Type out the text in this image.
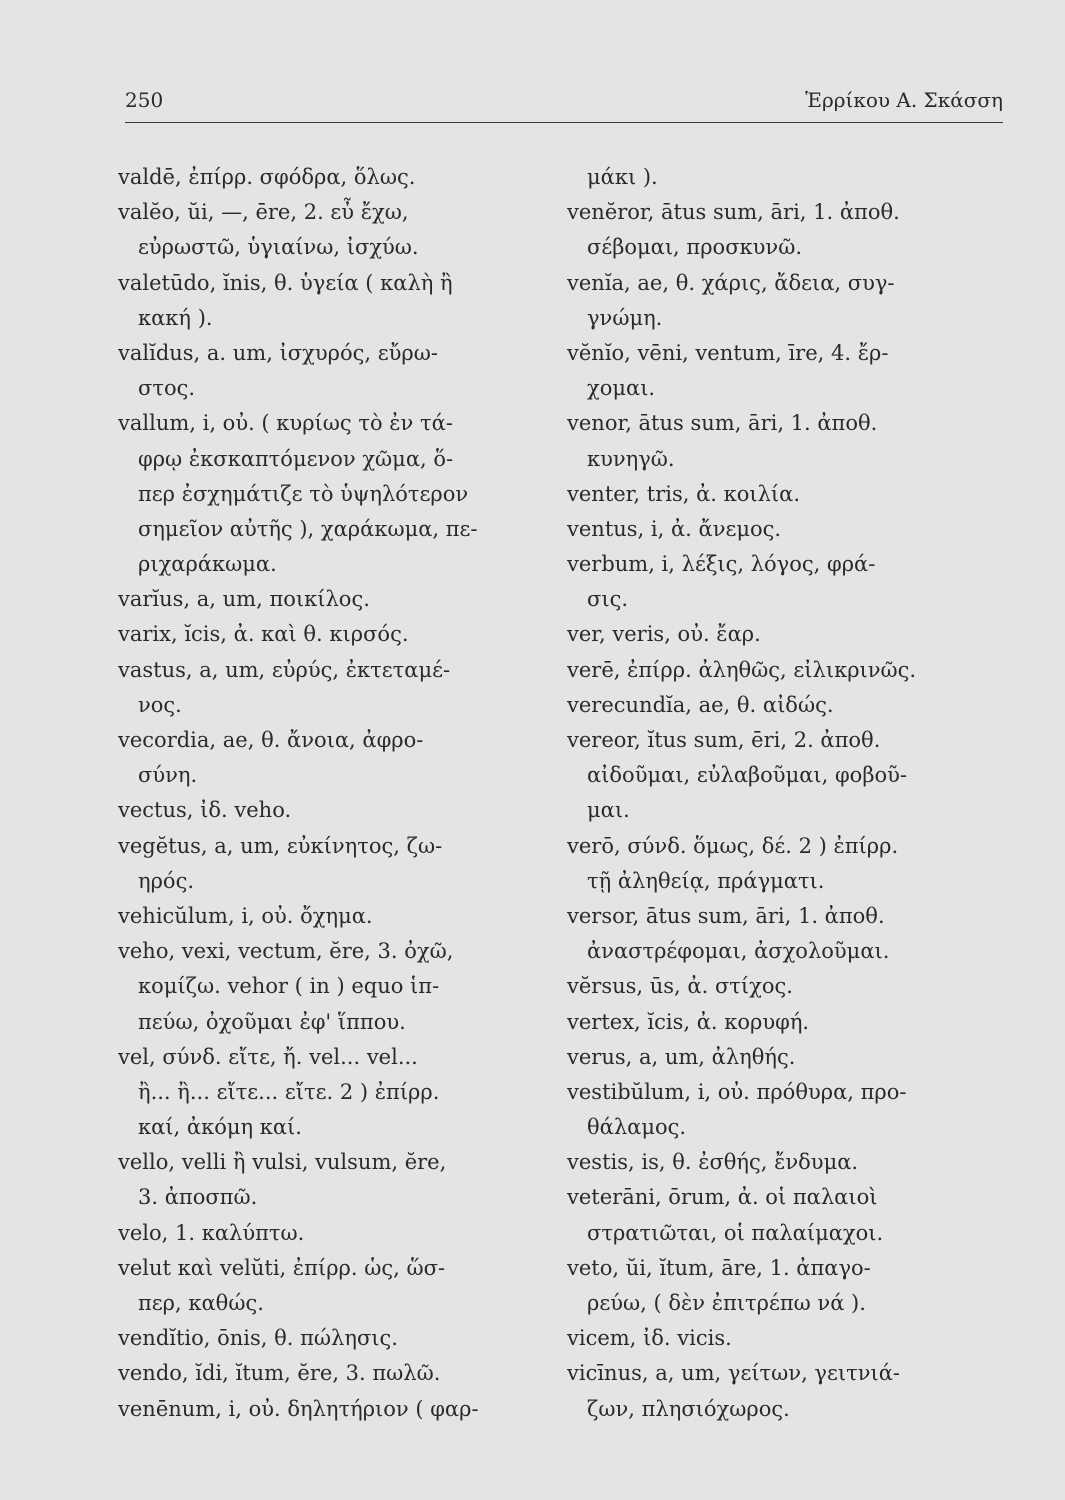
250	Ἑρρίκου Α. Σκάσση
valdē, ἐπίρρ. σφόδρα, ὅλως.
valĕo, ŭi, —, ēre, 2. εὖ ἔχω,
εὐρωστῶ, ὑγιαίνω, ἰσχύω.
valetūdo, ĭnis, θ. ὑγεία ( καλὴ ἢ
κακή ).
valĭdus, a. um, ἰσχυρός, εὔρω-
στος.
vallum, i, οὐ. ( κυρίως τὸ ἐν τά-
φρῳ ἐκσκαπτόμενον χῶμα, ὅ-
περ ἐσχημάτιζε τὸ ὑψηλότερον
σημεῖον αὐτῆς ), χαράκωμα, πε-
ριχαράκωμα.
varĭus, a, um, ποικίλος.
varix, ĭcis, ἀ. καὶ θ. κιρσός.
vastus, a, um, εὐρύς, ἐκτεταμέ-
νος.
vecordia, ae, θ. ἄνοια, ἀφρο-
σύνη.
vectus, ἰδ. veho.
vegĕtus, a, um, εὐκίνητος, ζω-
ηρός.
vehicŭlum, i, οὐ. ὄχημα.
veho, vexi, vectum, ĕre, 3. ὀχῶ,
κομίζω. vehor ( in ) equo ἱπ-
πεύω, ὀχοῦμαι ἐφ' ἵππου.
vel, σύνδ. εἴτε, ἤ. vel... vel...
ἢ... ἢ... εἴτε... εἴτε. 2 ) ἐπίρρ.
καί, ἀκόμη καί.
vello, velli ἢ vulsi, vulsum, ĕre,
3. ἀποσπῶ.
velo, 1. καλύπτω.
velut καὶ velŭti, ἐπίρρ. ὡς, ὥσ-
περ, καθώς.
vendĭtio, ōnis, θ. πώλησις.
vendo, ĭdi, ĭtum, ĕre, 3. πωλῶ.
venēnum, i, οὐ. δηλητήριον ( φαρ-
μάκι ).
venĕror, ātus sum, āri, 1. ἀποθ.
σέβομαι, προσκυνῶ.
venĭa, ae, θ. χάρις, ἄδεια, συγ-
γνώμη.
vĕnĭo, vēni, ventum, īre, 4. ἔρ-
χομαι.
venor, ātus sum, āri, 1. ἀποθ.
κυνηγῶ.
venter, tris, ἀ. κοιλία.
ventus, i, ἀ. ἄνεμος.
verbum, i, λέξις, λόγος, φρά-
σις.
ver, veris, οὐ. ἔαρ.
verē, ἐπίρρ. ἀληθῶς, εἰλικρινῶς.
verecundĭa, ae, θ. αἰδώς.
vereor, ĭtus sum, ēri, 2. ἀποθ.
αἰδοῦμαι, εὐλαβοῦμαι, φοβοῦ-
μαι.
verō, σύνδ. ὅμως, δέ. 2 ) ἐπίρρ.
τῇ ἀληθείᾳ, πράγματι.
versor, ātus sum, āri, 1. ἀποθ.
ἀναστρέφομαι, ἀσχολοῦμαι.
vĕrsus, ūs, ἀ. στίχος.
vertex, ĭcis, ἀ. κορυφή.
verus, a, um, ἀληθής.
vestibŭlum, i, οὐ. πρόθυρα, προ-
θάλαμος.
vestis, is, θ. ἐσθής, ἔνδυμα.
veterāni, ōrum, ἀ. οἱ παλαιοὶ
στρατιῶται, οἱ παλαίμαχοι.
veto, ŭi, ĭtum, āre, 1. ἀπαγο-
ρεύω, ( δὲν ἐπιτρέπω νά ).
vicem, ἰδ. vicis.
vicīnus, a, um, γείτων, γειτνιά-
ζων, πλησιόχωρος.
